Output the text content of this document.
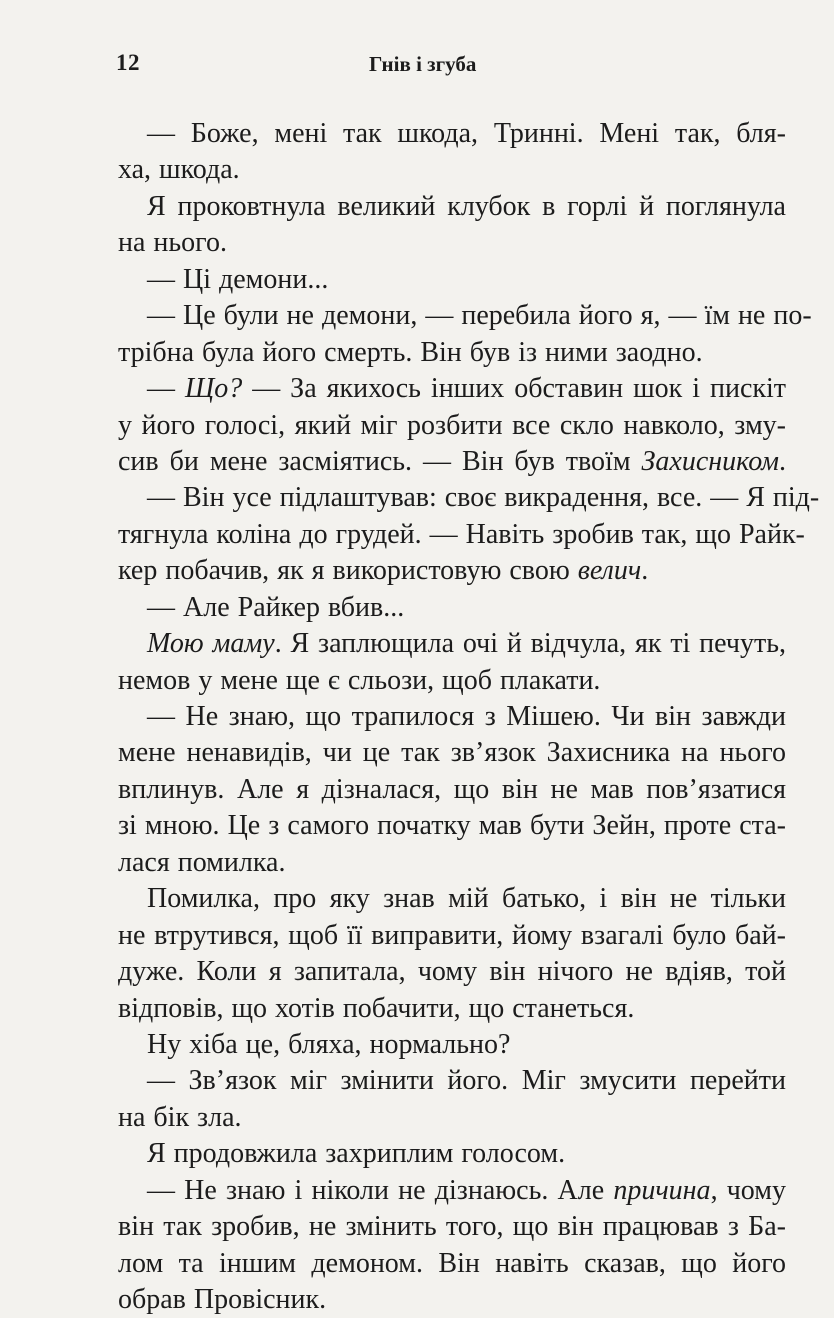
12	Гнів і згуба
— Боже, мені так шкода, Тринні. Мені так, бля-
ха, шкода.
Я проковтнула великий клубок в горлі й поглянула
на нього.
— Ці демони...
— Це були не демони, — перебила його я, — їм не по-
трібна була його смерть. Він був із ними заодно.
— Що? — За якихось інших обставин шок і пискіт
у його голосі, який міг розбити все скло навколо, зму-
сив би мене засміятись. — Він був твоїм Захисником.
— Він усе підлаштував: своє викрадення, все. — Я під-
тягнула коліна до грудей. — Навіть зробив так, що Райк-
кер побачив, як я використовую свою велич.
— Але Райкер вбив...
Мою маму. Я заплющила очі й відчула, як ті печуть,
немов у мене ще є сльози, щоб плакати.
— Не знаю, що трапилося з Мішею. Чи він завжди
мене ненавидів, чи це так зв’язок Захисника на нього
вплинув. Але я дізналася, що він не мав пов’язатися
зі мною. Це з самого початку мав бути Зейн, проте ста-
лася помилка.
Помилка, про яку знав мій батько, і він не тільки
не втрутився, щоб її виправити, йому взагалі було бай-
дуже. Коли я запитала, чому він нічого не вдіяв, той
відповів, що хотів побачити, що станеться.
Ну хіба це, бляха, нормально?
— Зв’язок міг змінити його. Міг змусити перейти
на бік зла.
Я продовжила захриплим голосом.
— Не знаю і ніколи не дізнаюсь. Але причина, чому
він так зробив, не змінить того, що він працював з Ба-
лом та іншим демоном. Він навіть сказав, що його
обрав Провісник.
